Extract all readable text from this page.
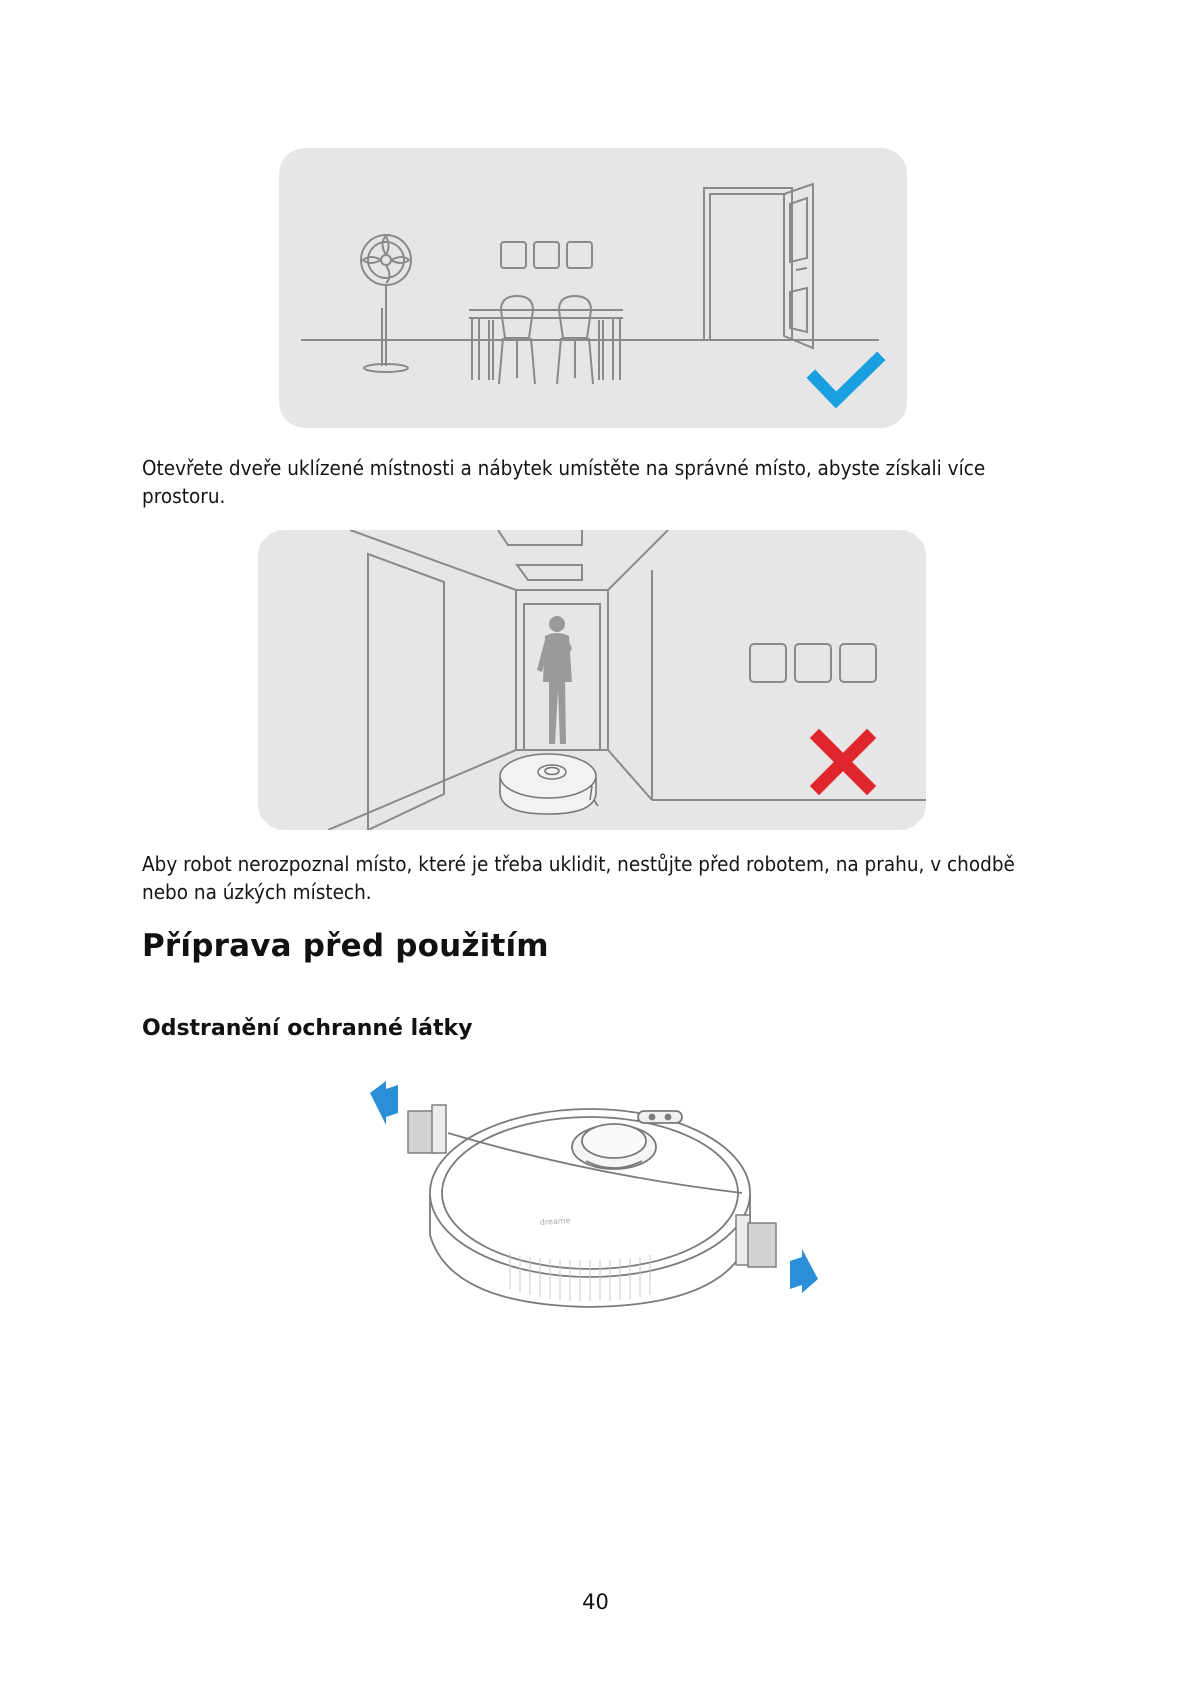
Otevřete dveře uklízené místnosti a nábytek umístěte na správné místo, abyste získali více prostoru.

Aby robot nerozpoznal místo, které je třeba uklidit, nestůjte před robotem, na prahu, v chodbě nebo na úzkých místech.

Příprava před použitím
Odstranění ochranné látky
dreame
40
